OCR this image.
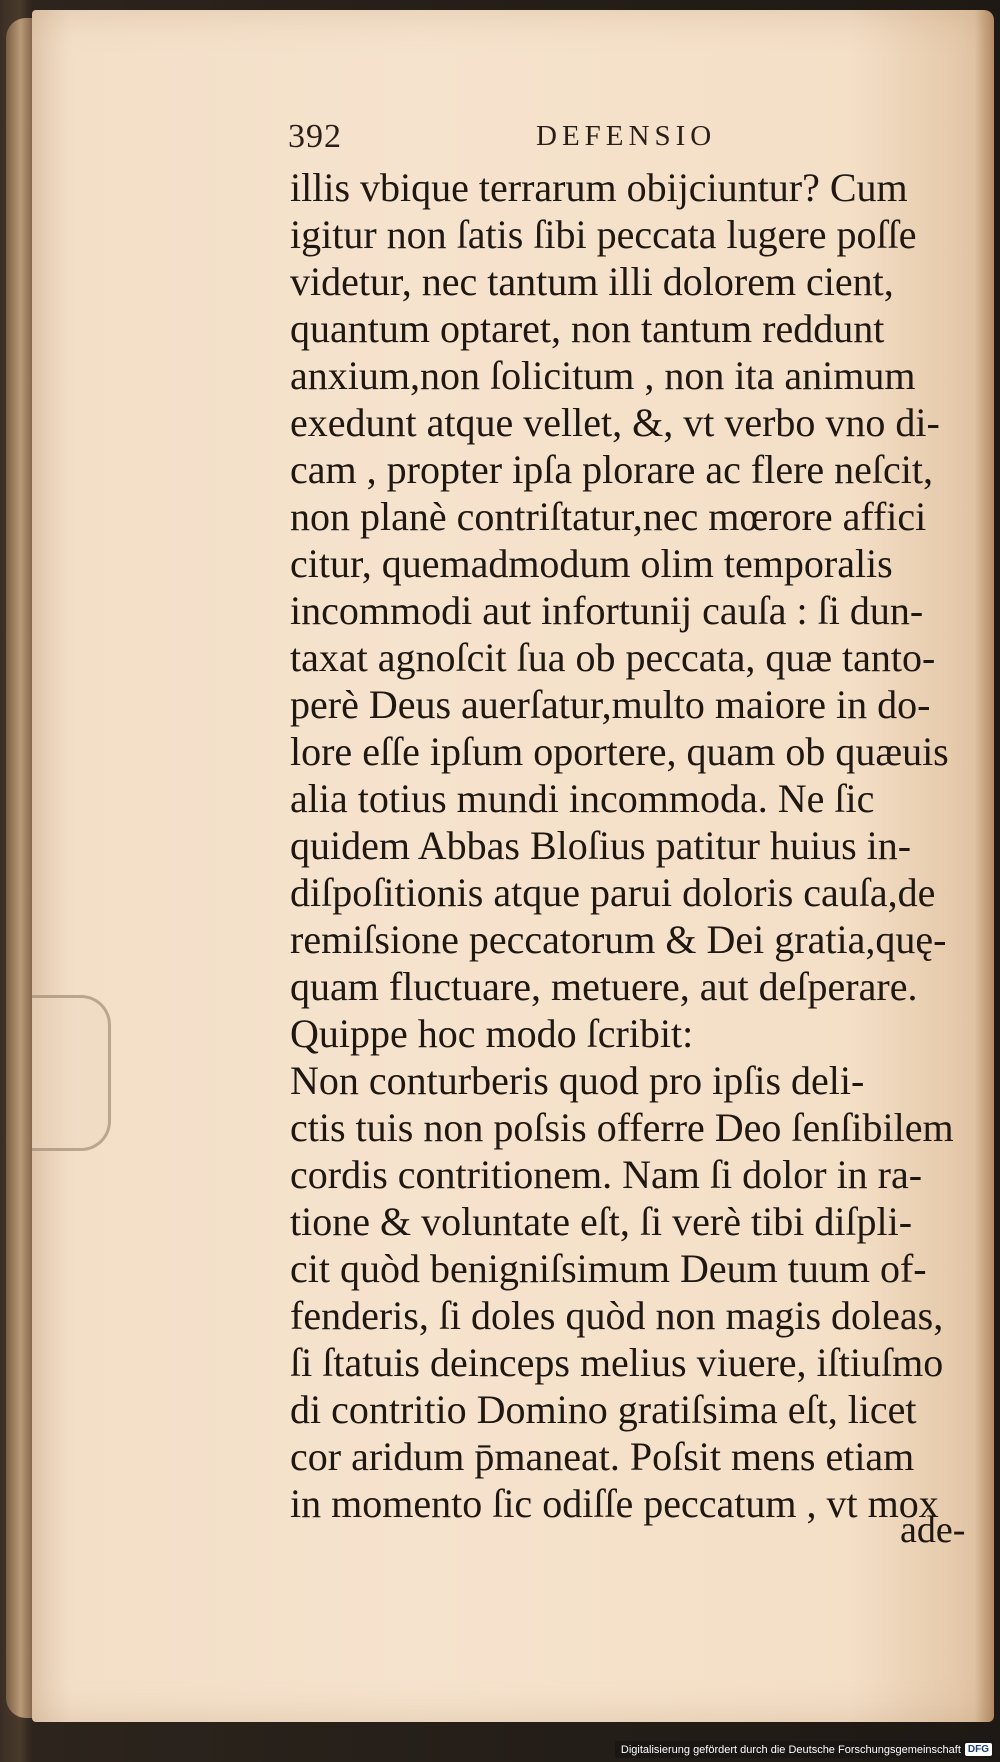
392	DEFENSIO
illis vbique terrarum obijciuntur? Cum
igitur non ſatis ſibi peccata lugere poſſe
videtur, nec tantum illi dolorem cient,
quantum optaret, non tantum reddunt
anxium,non ſolicitum , non ita animum
exedunt atque vellet, &, vt verbo vno di-
cam , propter ipſa plorare ac flere neſcit,
non planè contriſtatur,nec mœrore affici
citur, quemadmodum olim temporalis
incommodi aut infortunij cauſa : ſi dun-
taxat agnoſcit ſua ob peccata, quæ tanto-
perè Deus auerſatur,multo maiore in do-
lore eſſe ipſum oportere, quam ob quæuis
alia totius mundi incommoda. Ne ſic
quidem Abbas Bloſius patitur huius in-
diſpoſitionis atque parui doloris cauſa,de
remiſsione peccatorum & Dei gratia,quę-
quam fluctuare, metuere, aut deſperare.
Quippe hoc modo ſcribit:
Non conturberis quod pro ipſis deli-
ctis tuis non poſsis offerre Deo ſenſibilem
cordis contritionem. Nam ſi dolor in ra-
tione & voluntate eſt, ſi verè tibi diſpli-
cit quòd benigniſsimum Deum tuum of-
fenderis, ſi doles quòd non magis doleas,
ſi ſtatuis deinceps melius viuere, iſtiuſmo
di contritio Domino gratiſsima eſt, licet
cor aridum p̄maneat. Poſsit mens etiam
in momento ſic odiſſe peccatum , vt mox
ade-
Digitalisierung gefördert durch die Deutsche Forschungsgemeinschaft DFG
